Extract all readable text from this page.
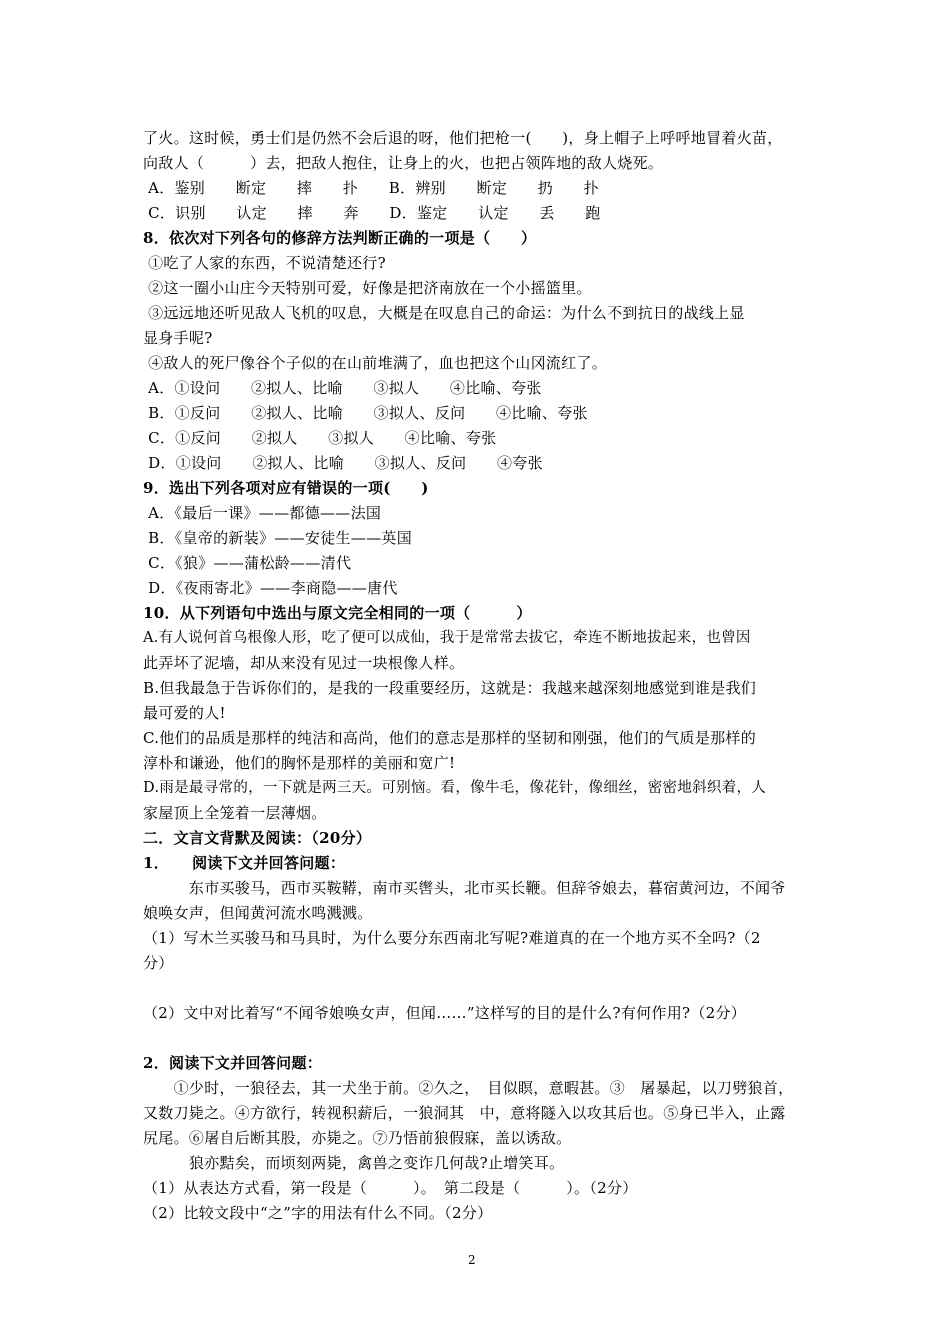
了火。这时候，勇士们是仍然不会后退的呀，他们把枪一(　　)，身上帽子上呼呼地冒着火苗，
向敌人（　　　）去，把敌人抱住，让身上的火，也把占领阵地的敌人烧死。
A．鉴别　　断定　　摔　　扑　　B．辨别　　断定　　扔　　扑
C．识别　　认定　　摔　　奔　　D．鉴定　　认定　　丢　　跑
8．依次对下列各句的修辞方法判断正确的一项是（　　）
①吃了人家的东西，不说清楚还行?
②这一圈小山庄今天特别可爱，好像是把济南放在一个小摇篮里。
③远远地还听见敌人飞机的叹息，大概是在叹息自己的命运：为什么不到抗日的战线上显
显身手呢?
④敌人的死尸像谷个子似的在山前堆满了，血也把这个山冈流红了。
A．①设问　　②拟人、比喻　　③拟人　　④比喻、夸张
B．①反问　　②拟人、比喻　　③拟人、反问　　④比喻、夸张
C．①反问　　②拟人　　③拟人　　④比喻、夸张
D．①设问　　②拟人、比喻　　③拟人、反问　　④夸张
9．选出下列各项对应有错误的一项(　　)
A．《最后一课》——都德——法国
B．《皇帝的新装》——安徒生——英国
C．《狼》——蒲松龄——清代
D．《夜雨寄北》——李商隐——唐代
10．从下列语句中选出与原文完全相同的一项（　　　）
A.有人说何首乌根像人形，吃了便可以成仙，我于是常常去拔它，牵连不断地拔起来，也曾因
此弄坏了泥墙，却从来没有见过一块根像人样。
B.但我最急于告诉你们的，是我的一段重要经历，这就是：我越来越深刻地感觉到谁是我们
最可爱的人!
C.他们的品质是那样的纯洁和高尚，他们的意志是那样的坚韧和刚强，他们的气质是那样的
淳朴和谦逊，他们的胸怀是那样的美丽和宽广!
D.雨是最寻常的，一下就是两三天。可别恼。看，像牛毛，像花针，像细丝，密密地斜织着，人
家屋顶上全笼着一层薄烟。
二．文言文背默及阅读：（20分）
1．　　阅读下文并回答问题：
　　　东市买骏马，西市买鞍鞯，南市买辔头，北市买长鞭。但辞爷娘去，暮宿黄河边，不闻爷
娘唤女声，但闻黄河流水鸣溅溅。
（1）写木兰买骏马和马具时，为什么要分东西南北写呢?难道真的在一个地方买不全吗?（2
分）
（2）文中对比着写“不闻爷娘唤女声，但闻……”这样写的目的是什么?有何作用?（2分）
2．阅读下文并回答问题：
　　①少时，一狼径去，其一犬坐于前。②久之，　目似瞑，意暇甚。③　屠暴起，以刀劈狼首，
又数刀毙之。④方欲行，转视积薪后，一狼洞其　中，意将隧入以攻其后也。⑤身已半入，止露
尻尾。⑥屠自后断其股，亦毙之。⑦乃悟前狼假寐，盖以诱敌。
　　　狼亦黠矣，而顷刻两毙，禽兽之变诈几何哉?止增笑耳。
（1）从表达方式看，第一段是（　　　）。　第二段是（　　　）。（2分）
（2）比较文段中“之”字的用法有什么不同。（2分）
2
